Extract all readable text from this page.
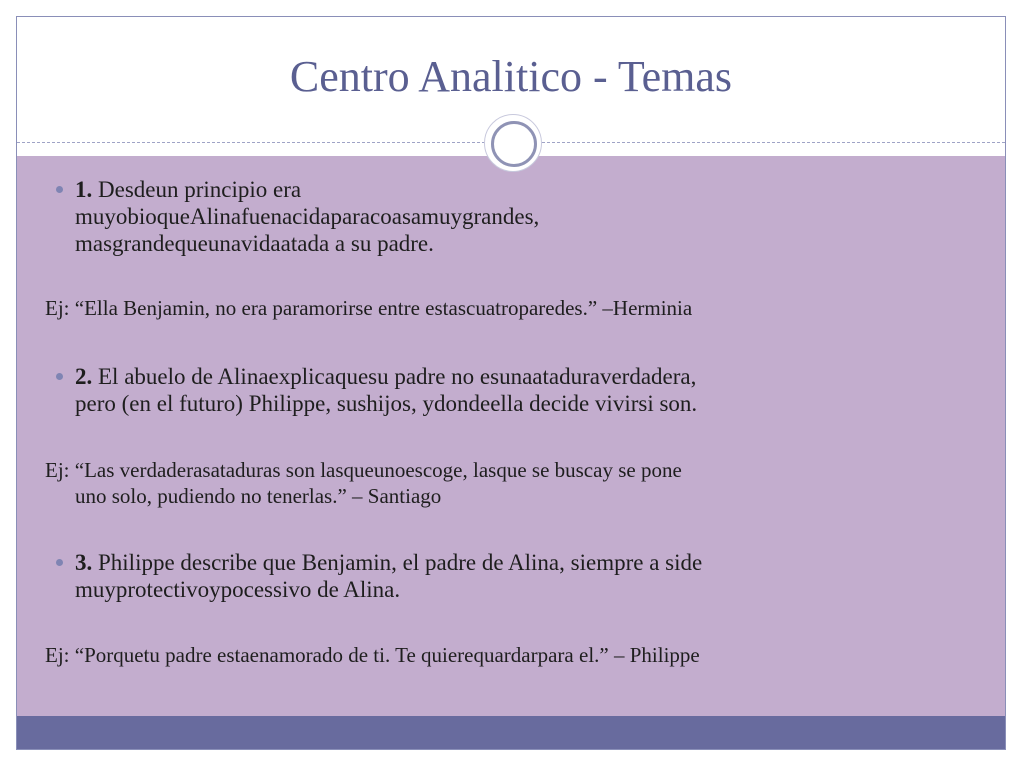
Centro Analitico - Temas
1. Desdeun principio era
muyobioqueAlinafuenacidaparacoasamuygrandes,
masgrandequeunavidaatada a su padre.
Ej: “Ella Benjamin, no era paramorirse entre estascuatroparedes.” –Herminia
2. El abuelo de Alinaexplicaquesu padre no esunaataduraverdadera,
pero (en el futuro) Philippe, sushijos, ydondeella decide vivirsi son.
Ej: “Las verdaderasataduras son lasqueunoescoge, lasque se buscay se pone
uno solo, pudiendo no tenerlas.” – Santiago
3. Philippe describe que Benjamin, el padre de Alina, siempre a side
muyprotectivoypocessivo de Alina.
Ej: “Porquetu padre estaenamorado de ti. Te quierequardarpara el.” – Philippe
